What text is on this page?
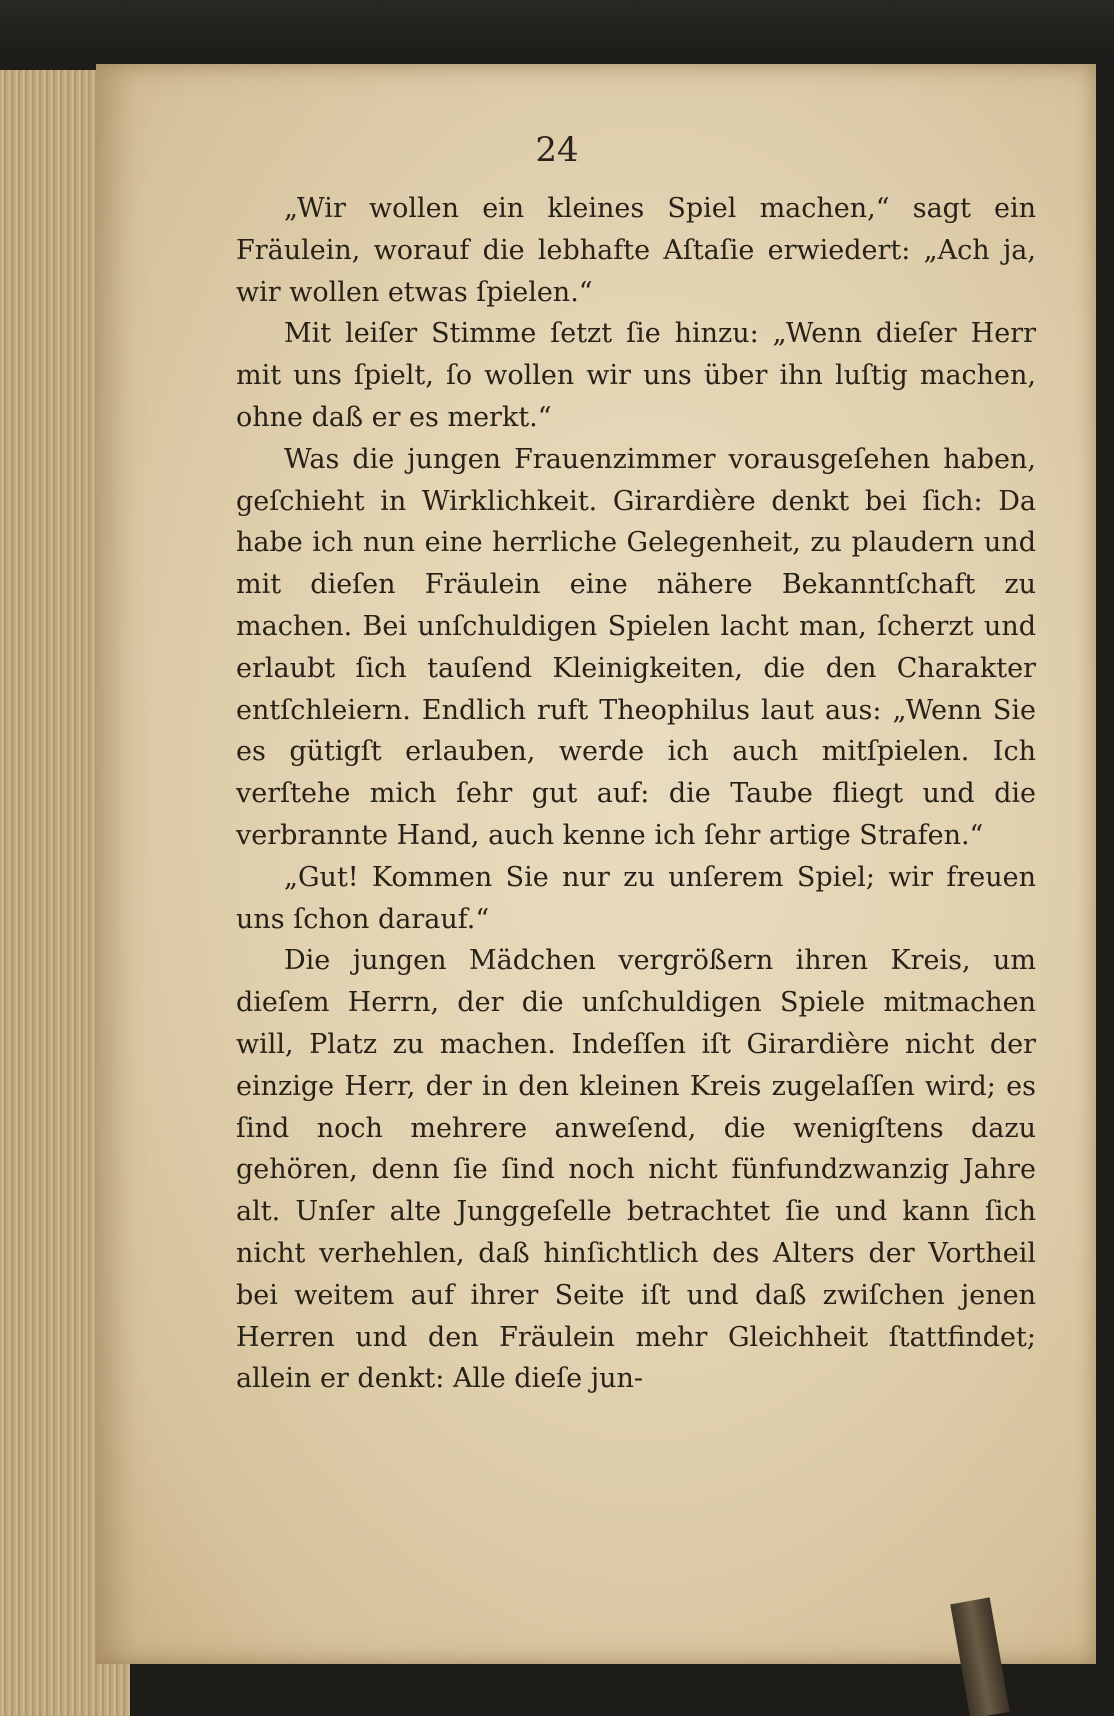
24

„Wir wollen ein kleines Spiel machen,“ sagt ein Fräulein, worauf die lebhafte Aſtaſie erwiedert: „Ach ja, wir wollen etwas ſpielen.“

Mit leiſer Stimme ſetzt ſie hinzu: „Wenn dieſer Herr mit uns ſpielt, ſo wollen wir uns über ihn luſtig machen, ohne daß er es merkt.“

Was die jungen Frauenzimmer vorausgeſehen haben, geſchieht in Wirklichkeit. Girardière denkt bei ſich: Da habe ich nun eine herrliche Gelegenheit, zu plaudern und mit dieſen Fräulein eine nähere Bekanntſchaft zu machen. Bei unſchuldigen Spielen lacht man, ſcherzt und erlaubt ſich tauſend Kleinigkeiten, die den Charakter entſchleiern. Endlich ruft Theophilus laut aus: „Wenn Sie es gütigſt erlauben, werde ich auch mitſpielen. Ich verſtehe mich ſehr gut auf: die Taube fliegt und die verbrannte Hand, auch kenne ich ſehr artige Strafen.“

„Gut! Kommen Sie nur zu unſerem Spiel; wir freuen uns ſchon darauf.“

Die jungen Mädchen vergrößern ihren Kreis, um dieſem Herrn, der die unſchuldigen Spiele mitmachen will, Platz zu machen. Indeſſen iſt Girardière nicht der einzige Herr, der in den kleinen Kreis zugelaſſen wird; es ſind noch mehrere anweſend, die wenigſtens dazu gehören, denn ſie ſind noch nicht fünfundzwanzig Jahre alt. Unſer alte Junggeſelle betrachtet ſie und kann ſich nicht verhehlen, daß hinſichtlich des Alters der Vortheil bei weitem auf ihrer Seite iſt und daß zwiſchen jenen Herren und den Fräulein mehr Gleichheit ſtattfindet; allein er denkt: Alle dieſe jun-
